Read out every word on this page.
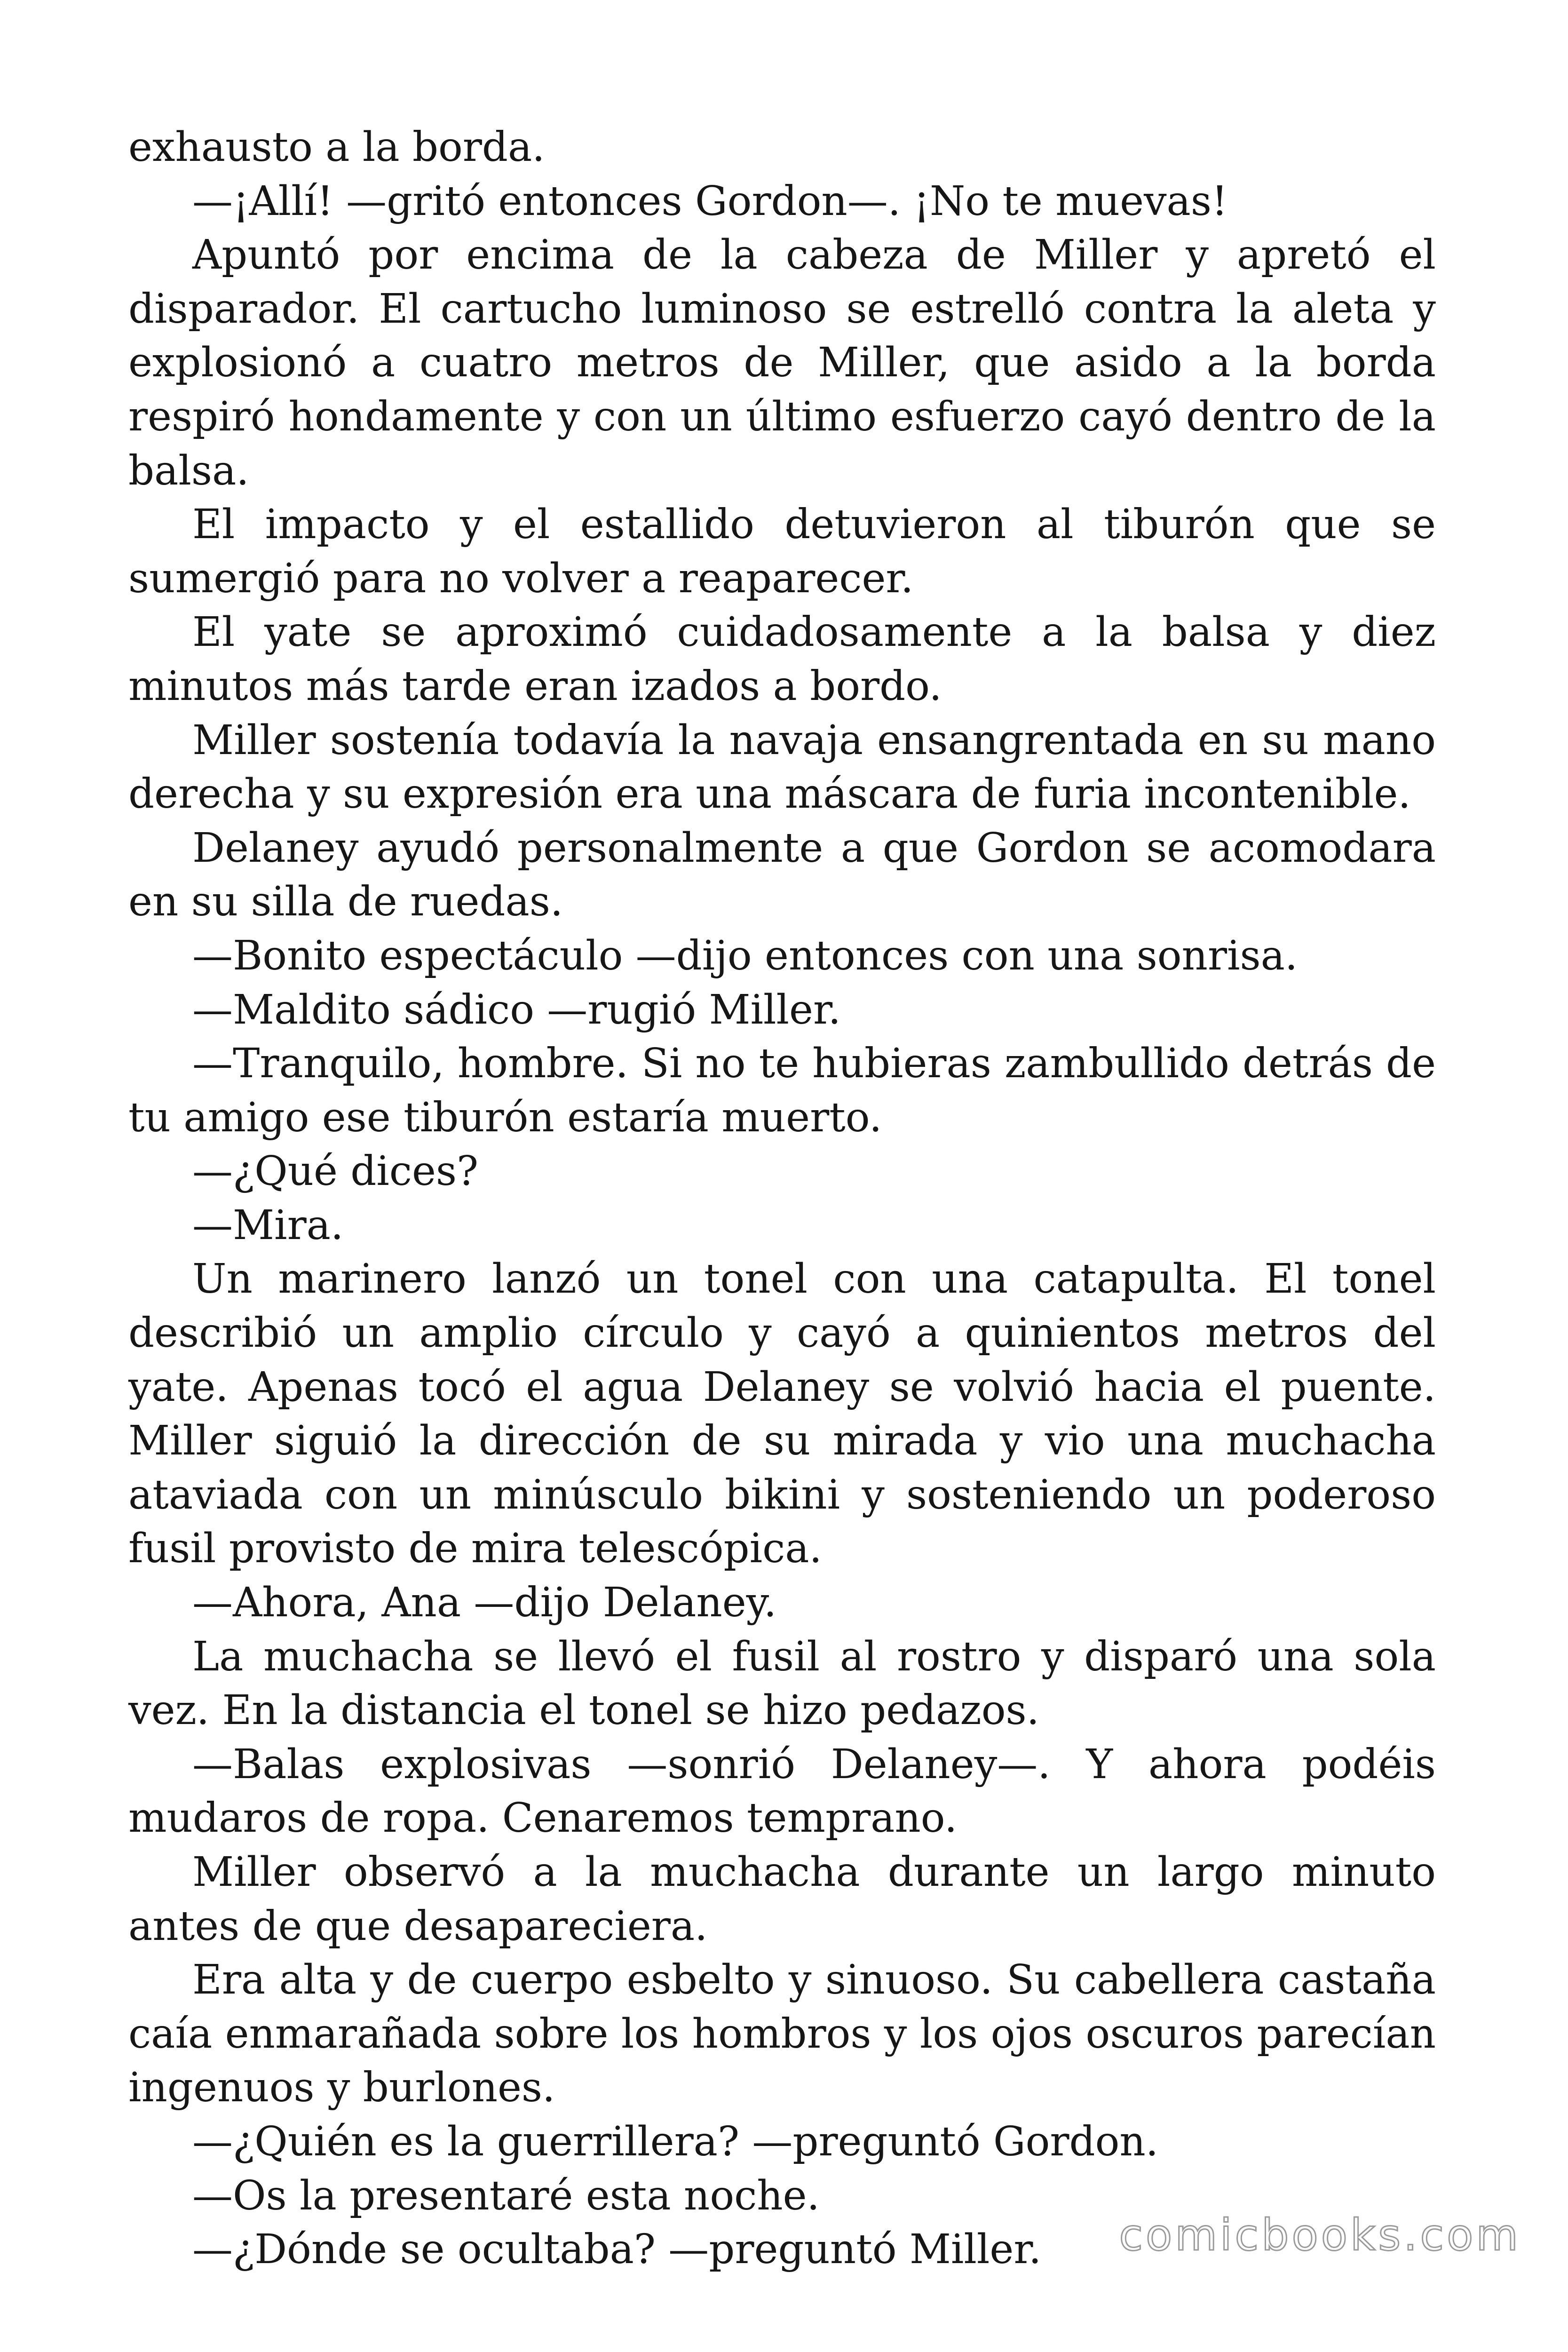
exhausto a la borda.

—¡Allí! —gritó entonces Gordon—. ¡No te muevas!

Apuntó por encima de la cabeza de Miller y apretó el disparador. El cartucho luminoso se estrelló contra la aleta y explosionó a cuatro metros de Miller, que asido a la borda respiró hondamente y con un último esfuerzo cayó dentro de la balsa.

El impacto y el estallido detuvieron al tiburón que se sumergió para no volver a reaparecer.

El yate se aproximó cuidadosamente a la balsa y diez minutos más tarde eran izados a bordo.

Miller sostenía todavía la navaja ensangrentada en su mano derecha y su expresión era una máscara de furia incontenible.

Delaney ayudó personalmente a que Gordon se acomodara en su silla de ruedas.

—Bonito espectáculo —dijo entonces con una sonrisa.

—Maldito sádico —rugió Miller.

—Tranquilo, hombre. Si no te hubieras zambullido detrás de tu amigo ese tiburón estaría muerto.

—¿Qué dices?

—Mira.

Un marinero lanzó un tonel con una catapulta. El tonel describió un amplio círculo y cayó a quinientos metros del yate. Apenas tocó el agua Delaney se volvió hacia el puente. Miller siguió la dirección de su mirada y vio una muchacha ataviada con un minúsculo bikini y sosteniendo un poderoso fusil provisto de mira telescópica.

—Ahora, Ana —dijo Delaney.

La muchacha se llevó el fusil al rostro y disparó una sola vez. En la distancia el tonel se hizo pedazos.

—Balas explosivas —sonrió Delaney—. Y ahora podéis mudaros de ropa. Cenaremos temprano.

Miller observó a la muchacha durante un largo minuto antes de que desapareciera.

Era alta y de cuerpo esbelto y sinuoso. Su cabellera castaña caía enmarañada sobre los hombros y los ojos oscuros parecían ingenuos y burlones.

—¿Quién es la guerrillera? —preguntó Gordon.

—Os la presentaré esta noche.

—¿Dónde se ocultaba? —preguntó Miller.	comicbooks.com
